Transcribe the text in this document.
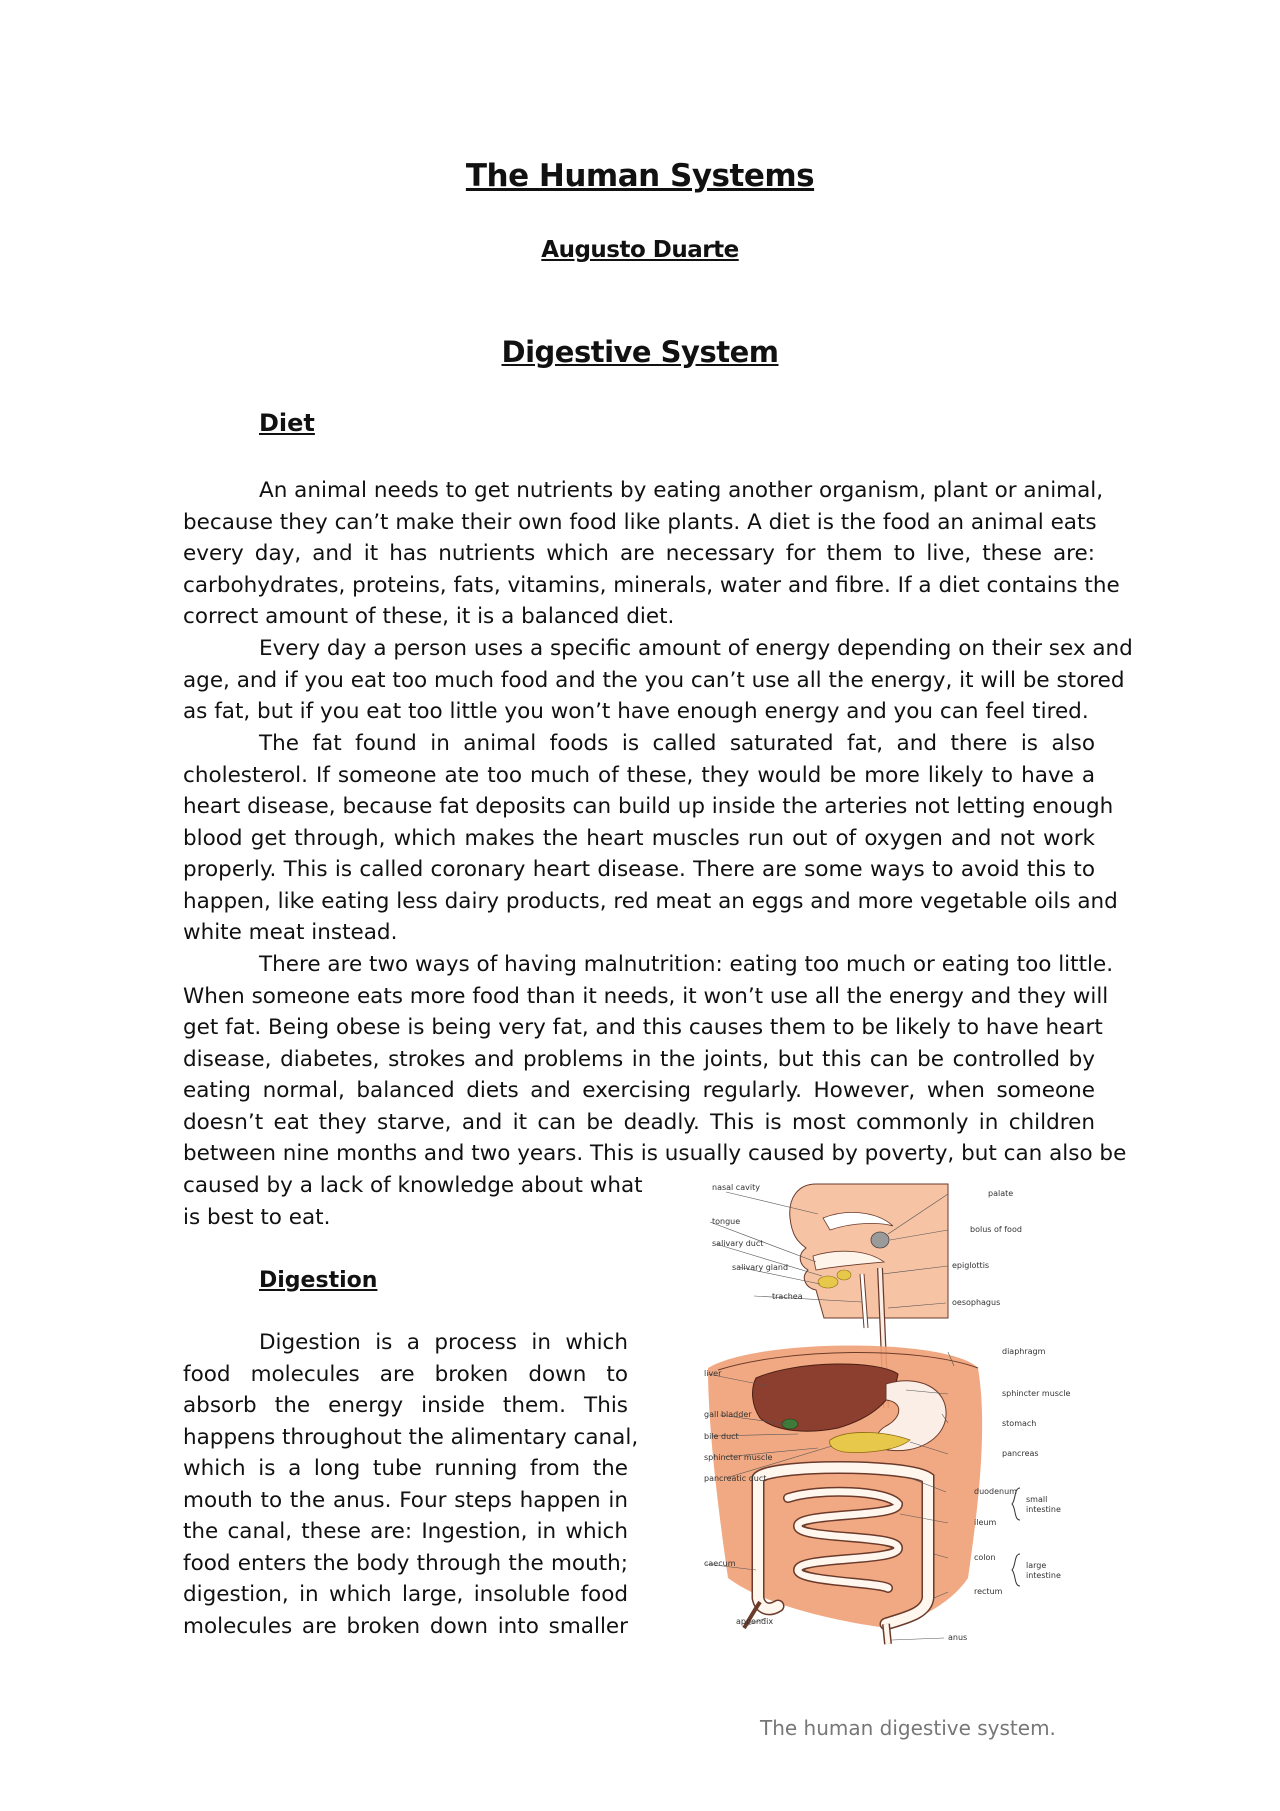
The Human Systems
Augusto Duarte
Digestive System
Diet
An animal needs to get nutrients by eating another organism, plant or animal,
because they can’t make their own food like plants. A diet is the food an animal eats
every day, and it has nutrients which are necessary for them to live, these are:
carbohydrates, proteins, fats, vitamins, minerals, water and fibre. If a diet contains the
correct amount of these, it is a balanced diet.
Every day a person uses a specific amount of energy depending on their sex and
age, and if you eat too much food and the you can’t use all the energy, it will be stored
as fat, but if you eat too little you won’t have enough energy and you can feel tired.
The fat found in animal foods is called saturated fat, and there is also
cholesterol. If someone ate too much of these, they would be more likely to have a
heart disease, because fat deposits can build up inside the arteries not letting enough
blood get through, which makes the heart muscles run out of oxygen and not work
properly. This is called coronary heart disease. There are some ways to avoid this to
happen, like eating less dairy products, red meat an eggs and more vegetable oils and
white meat instead.
There are two ways of having malnutrition: eating too much or eating too little.
When someone eats more food than it needs, it won’t use all the energy and they will
get fat. Being obese is being very fat, and this causes them to be likely to have heart
disease, diabetes, strokes and problems in the joints, but this can be controlled by
eating normal, balanced diets and exercising regularly. However, when someone
doesn’t eat they starve, and it can be deadly. This is most commonly in children
between nine months and two years. This is usually caused by poverty, but can also be
caused by a lack of knowledge about what
is best to eat.
Digestion
Digestion is a process in which
food molecules are broken down to
absorb the energy inside them. This
happens throughout the alimentary canal,
which is a long tube running from the
mouth to the anus. Four steps happen in
the canal, these are: Ingestion, in which
food enters the body through the mouth;
digestion, in which large, insoluble food
molecules are broken down into smaller
nasal cavity
tongue
salivary duct
salivary gland
trachea
liver
gall bladder
bile duct
sphincter muscle
pancreatic duct
caecum
appendix
palate
bolus of food
epiglottis
oesophagus
diaphragm
sphincter muscle
stomach
pancreas
duodenum
ileum
colon
rectum
anus
small
intestine
large
intestine
The human digestive system.
